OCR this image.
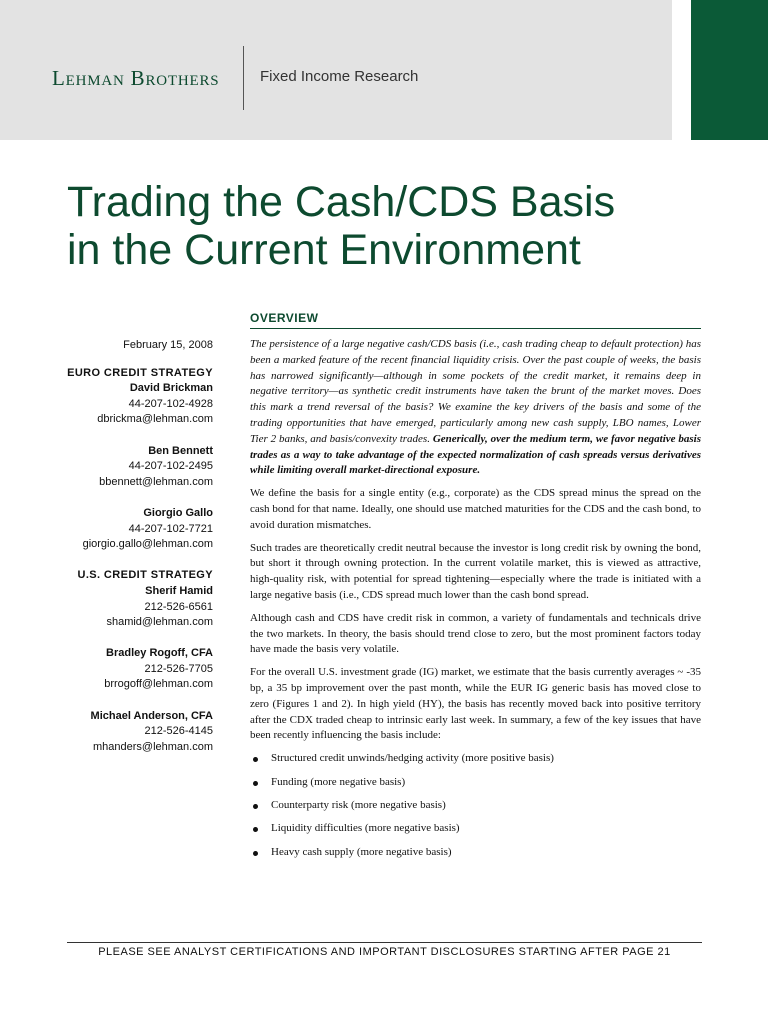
Lehman Brothers	Fixed Income Research
Trading the Cash/CDS Basis
in the Current Environment
OVERVIEW
February 15, 2008
EURO CREDIT STRATEGY
David Brickman
44-207-102-4928
dbrickma@lehman.com
Ben Bennett
44-207-102-2495
bbennett@lehman.com
Giorgio Gallo
44-207-102-7721
giorgio.gallo@lehman.com
U.S. CREDIT STRATEGY
Sherif Hamid
212-526-6561
shamid@lehman.com
Bradley Rogoff, CFA
212-526-7705
brrogoff@lehman.com
Michael Anderson, CFA
212-526-4145
mhanders@lehman.com

The persistence of a large negative cash/CDS basis (i.e., cash trading cheap to default protection) has been a marked feature of the recent financial liquidity crisis. Over the past couple of weeks, the basis has narrowed significantly—although in some pockets of the credit market, it remains deep in negative territory—as synthetic credit instruments have taken the brunt of the market moves. Does this mark a trend reversal of the basis? We examine the key drivers of the basis and some of the trading opportunities that have emerged, particularly among new cash supply, LBO names, Lower Tier 2 banks, and basis/convexity trades. Generically, over the medium term, we favor negative basis trades as a way to take advantage of the expected normalization of cash spreads versus derivatives while limiting overall market-directional exposure.

We define the basis for a single entity (e.g., corporate) as the CDS spread minus the spread on the cash bond for that name. Ideally, one should use matched maturities for the CDS and the cash bond, to avoid duration mismatches.

Such trades are theoretically credit neutral because the investor is long credit risk by owning the bond, but short it through owning protection. In the current volatile market, this is viewed as attractive, high-quality risk, with potential for spread tightening—especially where the trade is initiated with a large negative basis (i.e., CDS spread much lower than the cash bond spread.

Although cash and CDS have credit risk in common, a variety of fundamentals and technicals drive the two markets. In theory, the basis should trend close to zero, but the most prominent factors today have made the basis very volatile.

For the overall U.S. investment grade (IG) market, we estimate that the basis currently averages ~ -35 bp, a 35 bp improvement over the past month, while the EUR IG generic basis has moved close to zero (Figures 1 and 2). In high yield (HY), the basis has recently moved back into positive territory after the CDX traded cheap to intrinsic early last week. In summary, a few of the key issues that have been recently influencing the basis include:

Structured credit unwinds/hedging activity (more positive basis)
Funding (more negative basis)
Counterparty risk (more negative basis)
Liquidity difficulties (more negative basis)
Heavy cash supply (more negative basis)
PLEASE SEE ANALYST CERTIFICATIONS AND IMPORTANT DISCLOSURES STARTING AFTER PAGE 21
